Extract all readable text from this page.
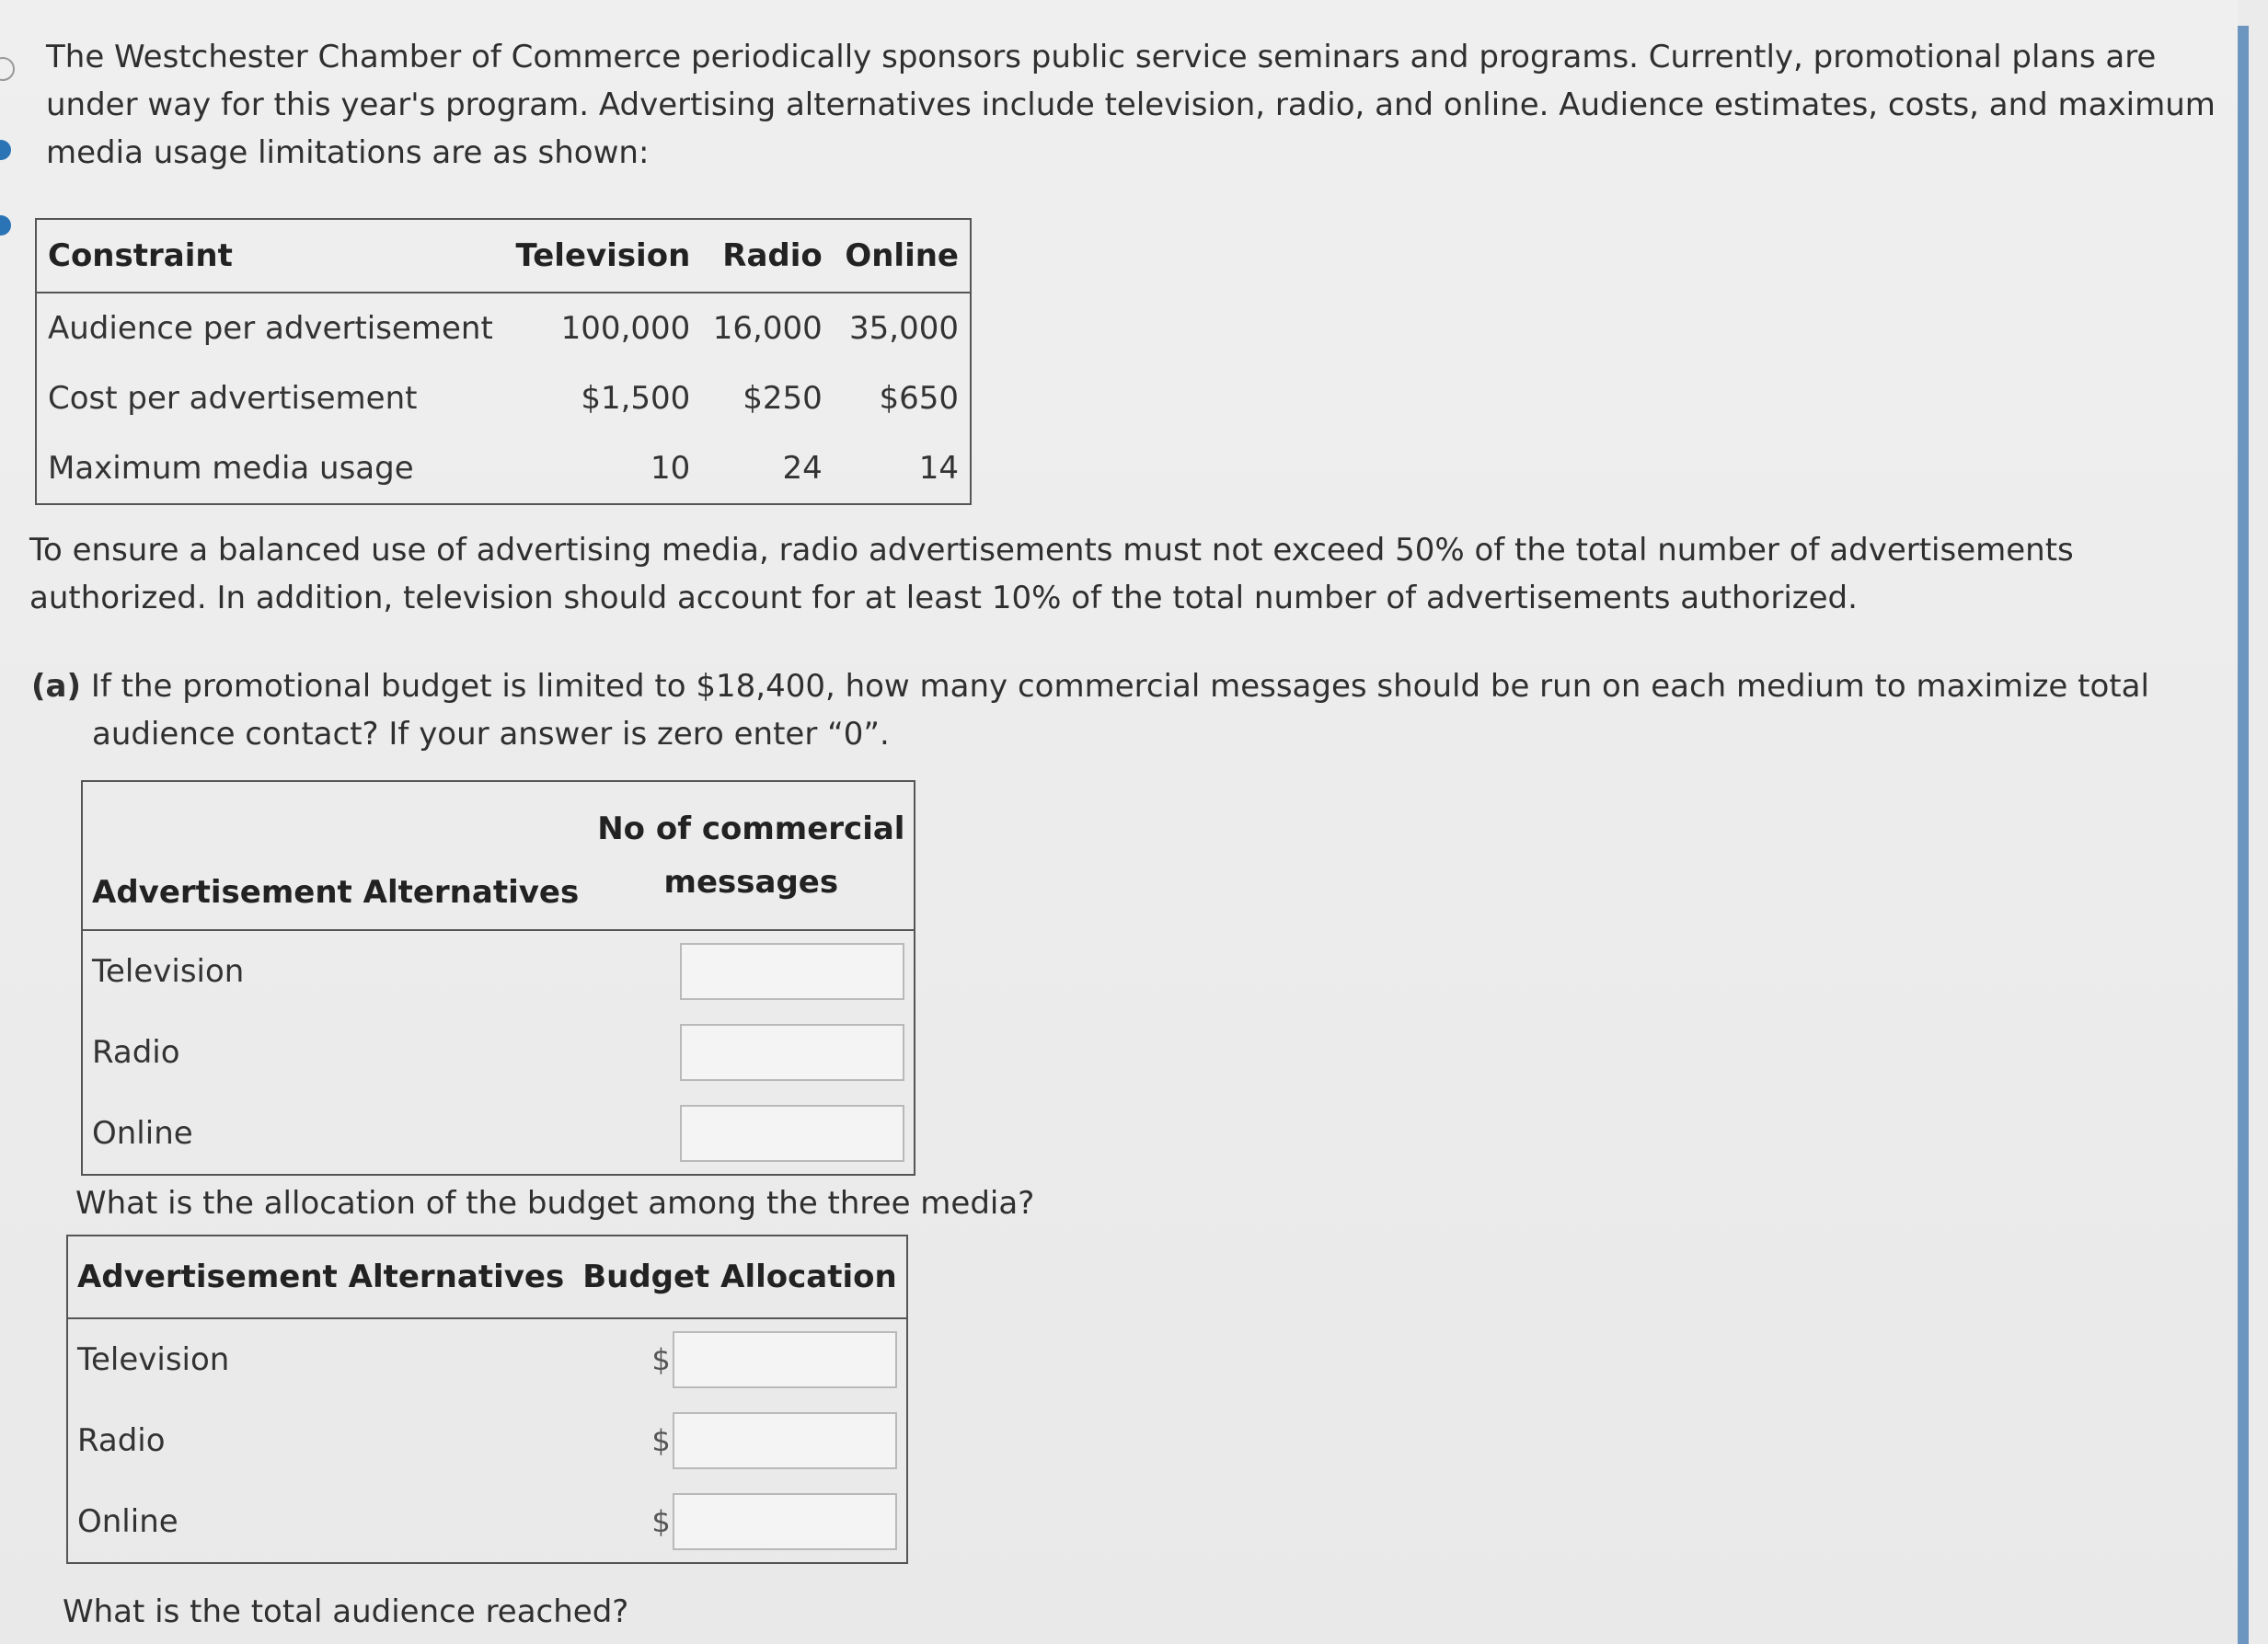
The Westchester Chamber of Commerce periodically sponsors public service seminars and programs. Currently, promotional plans are under way for this year's program. Advertising alternatives include television, radio, and online. Audience estimates, costs, and maximum media usage limitations are as shown:

Constraint	Television	Radio	Online
Audience per advertisement	100,000	16,000	35,000
Cost per advertisement	$1,500	$250	$650
Maximum media usage	10	24	14

To ensure a balanced use of advertising media, radio advertisements must not exceed 50% of the total number of advertisements authorized. In addition, television should account for at least 10% of the total number of advertisements authorized.

(a) If the promotional budget is limited to $18,400, how many commercial messages should be run on each medium to maximize total audience contact? If your answer is zero enter “0”.

Advertisement Alternatives	No of commercial
messages
Television	
Radio	
Online	

What is the allocation of the budget among the three media?

Advertisement Alternatives	Budget Allocation
Television	$
Radio	$
Online	$

What is the total audience reached?
